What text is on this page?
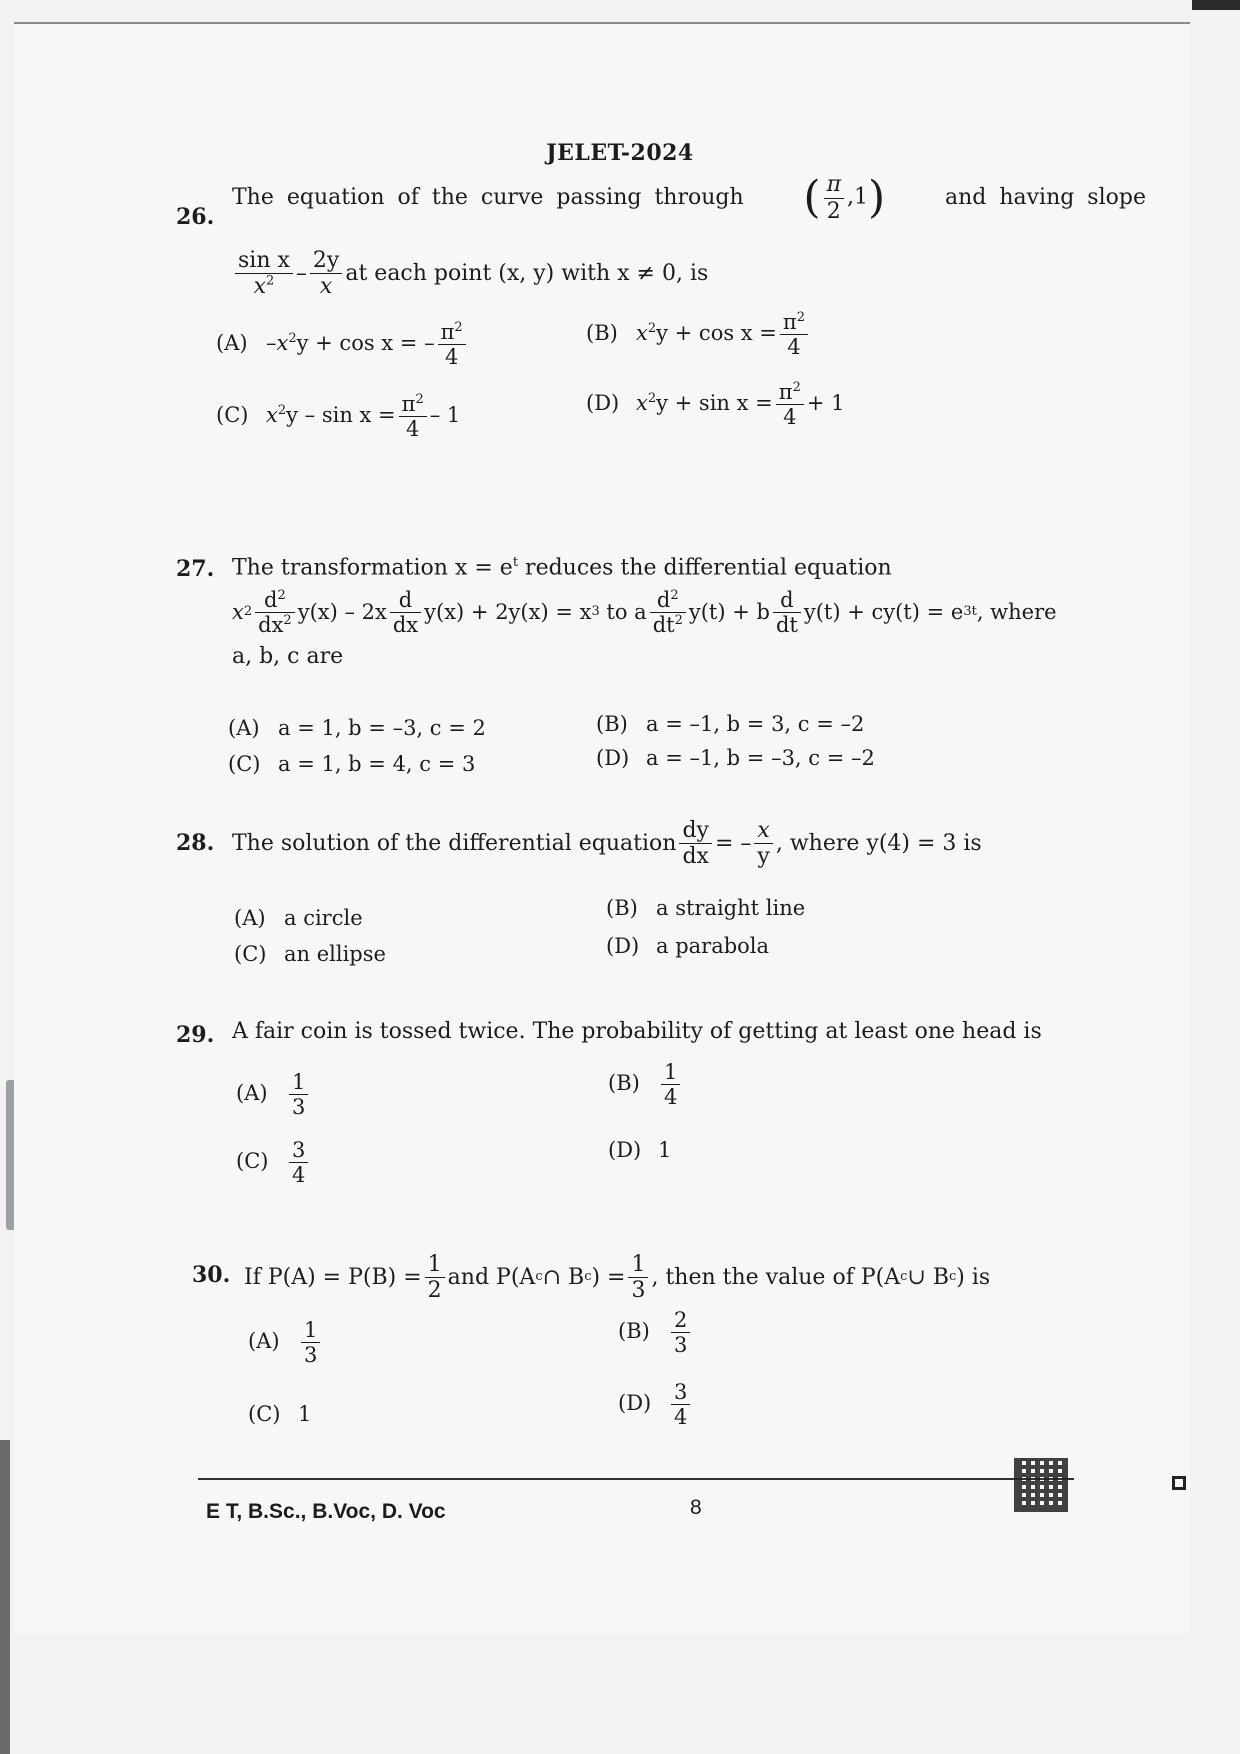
JELET-2024
26.
The equation of the curve passing through ( $\frac{\pi}{2} ,1$)	and having slope
$\frac{\text{sin x}}{x^2} - \frac{2y}{x}$ at each point (x, y) with x ≠ 0, is
(A) $-x^2y + \cos x$ = – $\frac{\pi^2}{4}$	(B) $x^2y + \cos x = \frac{\pi^2}{4}$
(C) $x^2y - \sin x = \frac{\pi^2}{4} - 1$	(D) $x^2y + \sin x = \frac{\pi^2}{4} + 1$
27. The transformation $x = e^t$ reduces the differential equation
x $2 \frac{d^2}{dx^2} y(x) - 2x \frac{d}{dx} y(x) + 2y(x) = x$ 3
to a $\frac{d^2}{dt^2} y(t) + b \frac{d}{dt} y(t) + cy(t) = e$ 3t , where
a, b, c are
(A) a = 1, b = –3, c = 2	(B) a = –1, b = 3, c = –2
(C) a = 1, b = 4, c = 3	(D) a = –1, b = –3, c = –2
28. The solution of the differential equation $\frac{dy}{dx}$ = – $\frac{x}{y}$ , where y(4) = 3 is
(A) a circle	(B) a straight line
(C) an ellipse	(D) a parabola
29. A fair coin is tossed twice. The probability of getting at least one head is
$(A) \frac{1}{3}$	$(B) \frac{1}{4}$
$(C) \frac{3}{4}$	(D) 1
30. If $P(A) = P(B) = \frac{1}{2}$ and P(A c ∩ B c ) = $\frac{1}{3}$ , then the value of P(A c ∪ B c ) is
$(A) \frac{1}{3}$	$(B) \frac{2}{3}$
(C) 1	$(D) \frac{3}{4}$
E T, B.Sc., B.Voc, D. Voc	8
